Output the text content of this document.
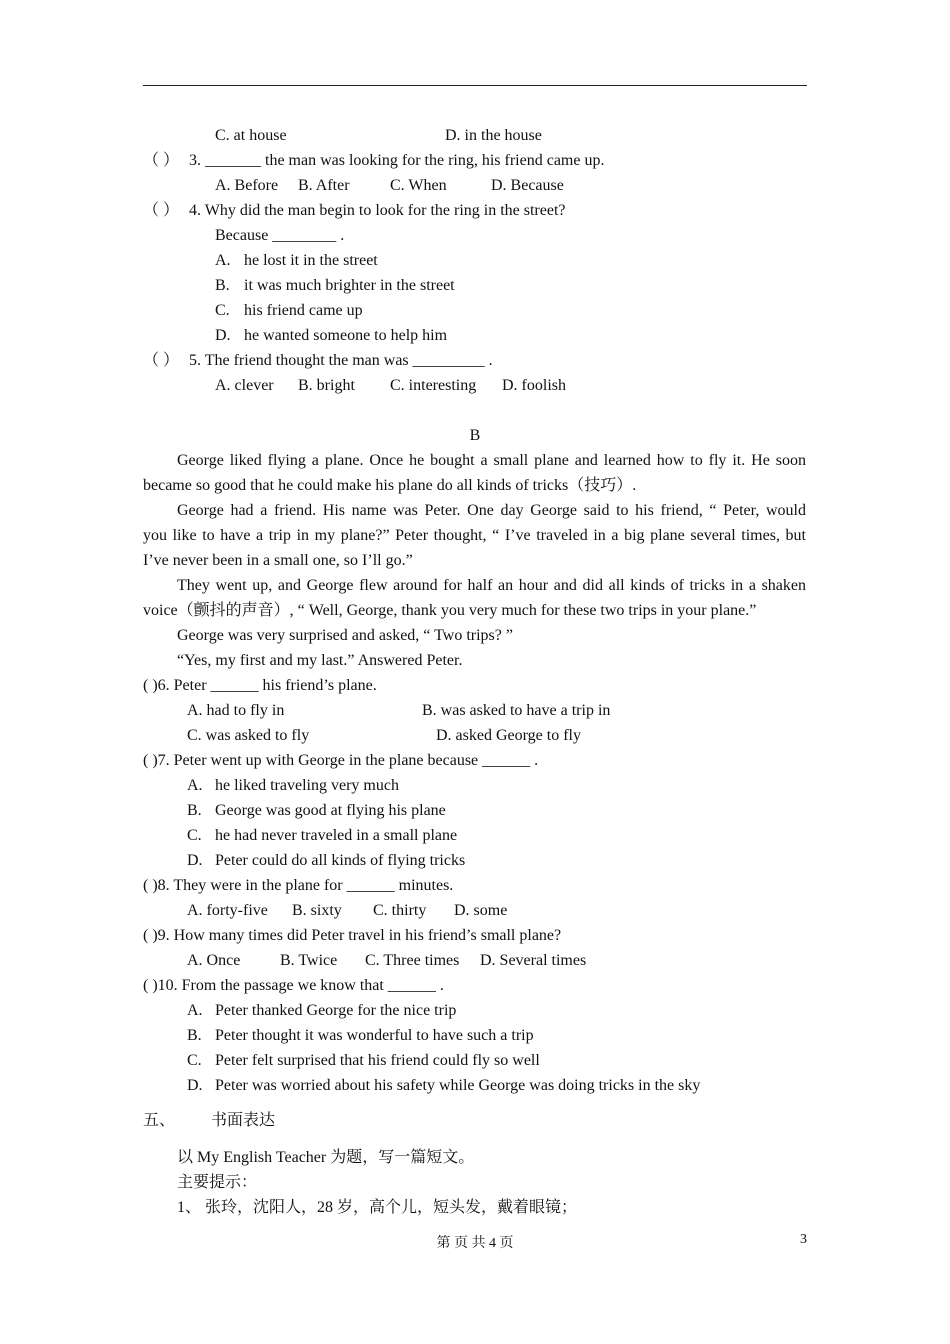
C. at house	D. in the house
（ ） 3. _______ the man was looking for the ring, his friend came up.
A. Before B. After	C. When	D. Because
（ ） 4. Why did the man begin to look for the ring in the street?
Because ________ .
A. he lost it in the street
B. it was much brighter in the street
C. his friend came up
D. he wanted someone to help him
（ ） 5. The friend thought the man was _________ .
A. clever B. bright C. interesting D. foolish
B
George liked flying a plane. Once he bought a small plane and learned how to fly it. He soon
became so good that he could make his plane do all kinds of tricks（技巧）.
George had a friend. His name was Peter. One day George said to his friend, “ Peter, would
you like to have a trip in my plane?” Peter thought, “ I’ve traveled in a big plane several times, but
I’ve never been in a small one, so I’ll go.”
They went up, and George flew around for half an hour and did all kinds of tricks in a shaken
voice（颤抖的声音）, “ Well, George, thank you very much for these two trips in your plane.”
George was very surprised and asked, “ Two trips? ”
“Yes, my first and my last.” Answered Peter.
( )6. Peter ______ his friend’s plane.
A. had to fly in	B. was asked to have a trip in
C. was asked to fly	D. asked George to fly
( )7. Peter went up with George in the plane because ______ .
A. he liked traveling very much
B. George was good at flying his plane
C. he had never traveled in a small plane
D. Peter could do all kinds of flying tricks
( )8. They were in the plane for ______ minutes.
A. forty-five B. sixty C. thirty D. some
( )9. How many times did Peter travel in his friend’s small plane?
A. Once B. Twice C. Three times D. Several times
( )10. From the passage we know that ______ .
A. Peter thanked George for the nice trip
B. Peter thought it was wonderful to have such a trip
C. Peter felt surprised that his friend could fly so well
D. Peter was worried about his safety while George was doing tricks in the sky
五、 书面表达
以 My English Teacher 为题，写一篇短文。
主要提示：
1、 张玲，沈阳人，28 岁，高个儿，短头发，戴着眼镜；
第 页 共 4 页	3
